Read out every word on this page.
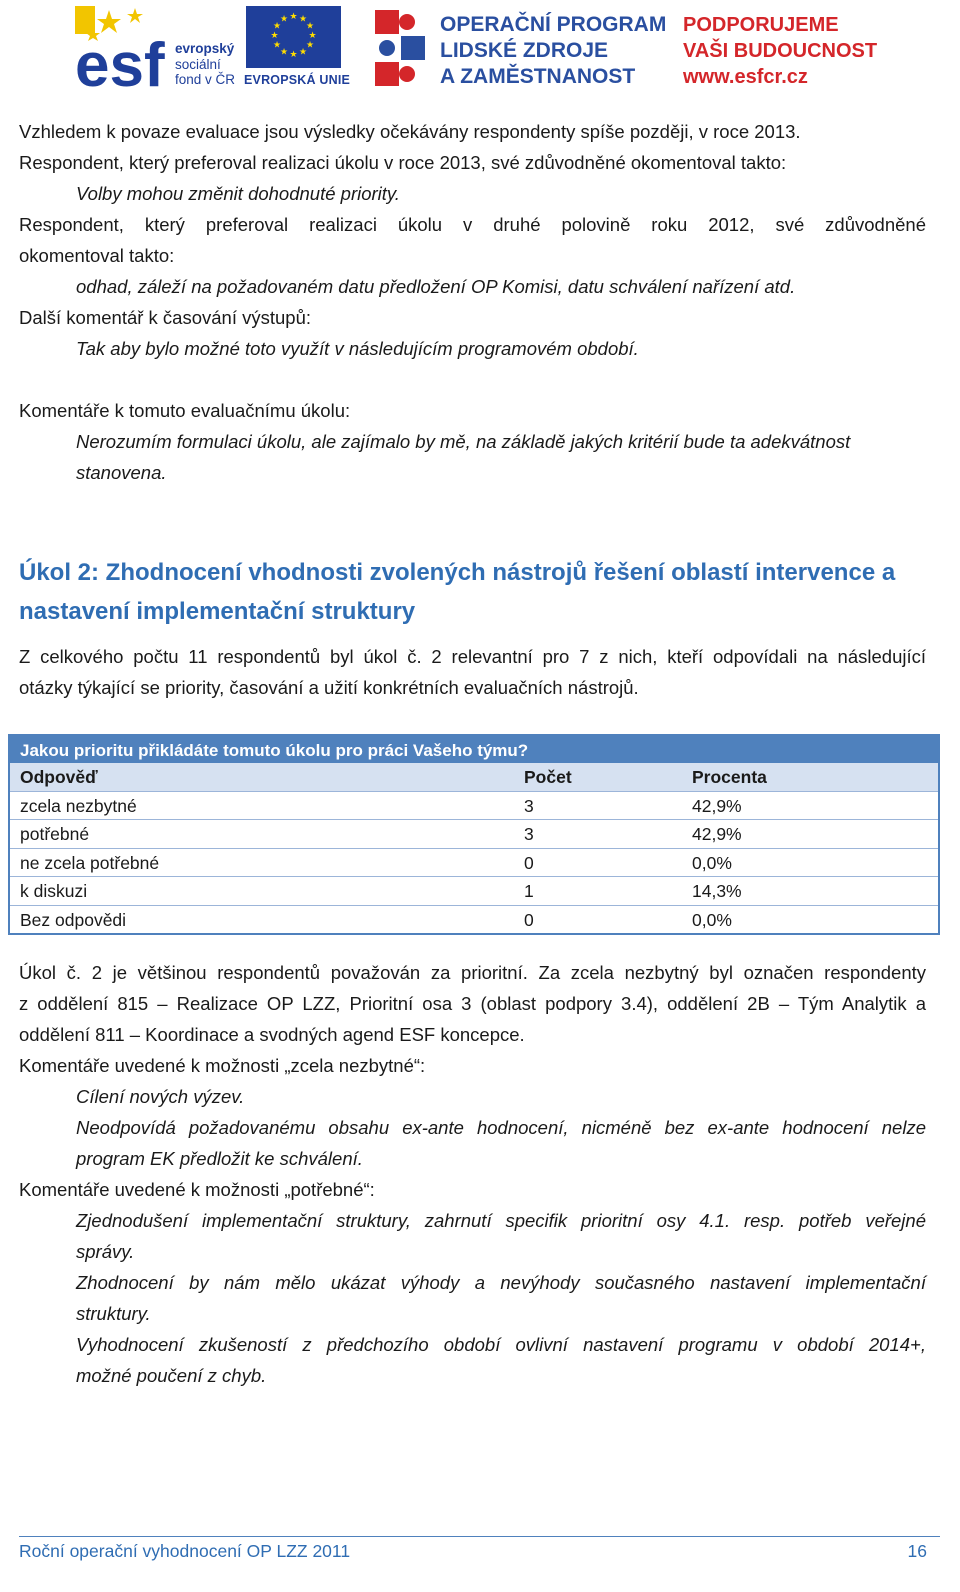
esf evropský
sociální
fond v ČR
★ ★
★
★
★
★
★
★
★
★
★
★
EVROPSKÁ UNIE
OPERAČNÍ PROGRAM
LIDSKÉ ZDROJE
A ZAMĚSTNANOST
PODPORUJEME
VAŠI BUDOUCNOST
www.esfcr.cz
Vzhledem k povaze evaluace jsou výsledky očekávány respondenty spíše později, v roce 2013.
Respondent, který preferoval realizaci úkolu v roce 2013, své zdůvodněné okomentoval takto:
Volby mohou změnit dohodnuté priority.
Respondent, který preferoval realizaci úkolu v druhé polovině roku 2012, své zdůvodněné
okomentoval takto:
odhad, záleží na požadovaném datu předložení OP Komisi, datu schválení nařízení atd.
Další komentář k časování výstupů:
Tak aby bylo možné toto využít v následujícím programovém období.
Komentáře k tomuto evaluačnímu úkolu:
Nerozumím formulaci úkolu, ale zajímalo by mě, na základě jakých kritérií bude ta adekvátnost
stanovena.
Úkol 2: Zhodnocení vhodnosti zvolených nástrojů řešení oblastí intervence a nastavení implementační struktury
Z celkového počtu 11 respondentů byl úkol č. 2 relevantní pro 7 z nich, kteří odpovídali na následující
otázky týkající se priority, časování a užití konkrétních evaluačních nástrojů.
Jakou prioritu přikládáte tomuto úkolu pro práci Vašeho týmu?
Odpověď	Počet	Procenta
zcela nezbytné	3	42,9%
potřebné	3	42,9%
ne zcela potřebné	0	0,0%
k diskuzi	1	14,3%
Bez odpovědi	0	0,0%
Úkol č. 2 je většinou respondentů považován za prioritní. Za zcela nezbytný byl označen respondenty
z oddělení 815 – Realizace OP LZZ, Prioritní osa 3 (oblast podpory 3.4), oddělení 2B – Tým Analytik a
oddělení 811 – Koordinace a svodných agend ESF koncepce.
Komentáře uvedené k možnosti „zcela nezbytné“:
Cílení nových výzev.
Neodpovídá požadovanému obsahu ex-ante hodnocení, nicméně bez ex-ante hodnocení nelze
program EK předložit ke schválení.
Komentáře uvedené k možnosti „potřebné“:
Zjednodušení implementační struktury, zahrnutí specifik prioritní osy 4.1. resp. potřeb veřejné
správy.
Zhodnocení by nám mělo ukázat výhody a nevýhody současného nastavení implementační
struktury.
Vyhodnocení zkušeností z předchozího období ovlivní nastavení programu v období 2014+,
možné poučení z chyb.
Roční operační vyhodnocení OP LZZ 2011	16
